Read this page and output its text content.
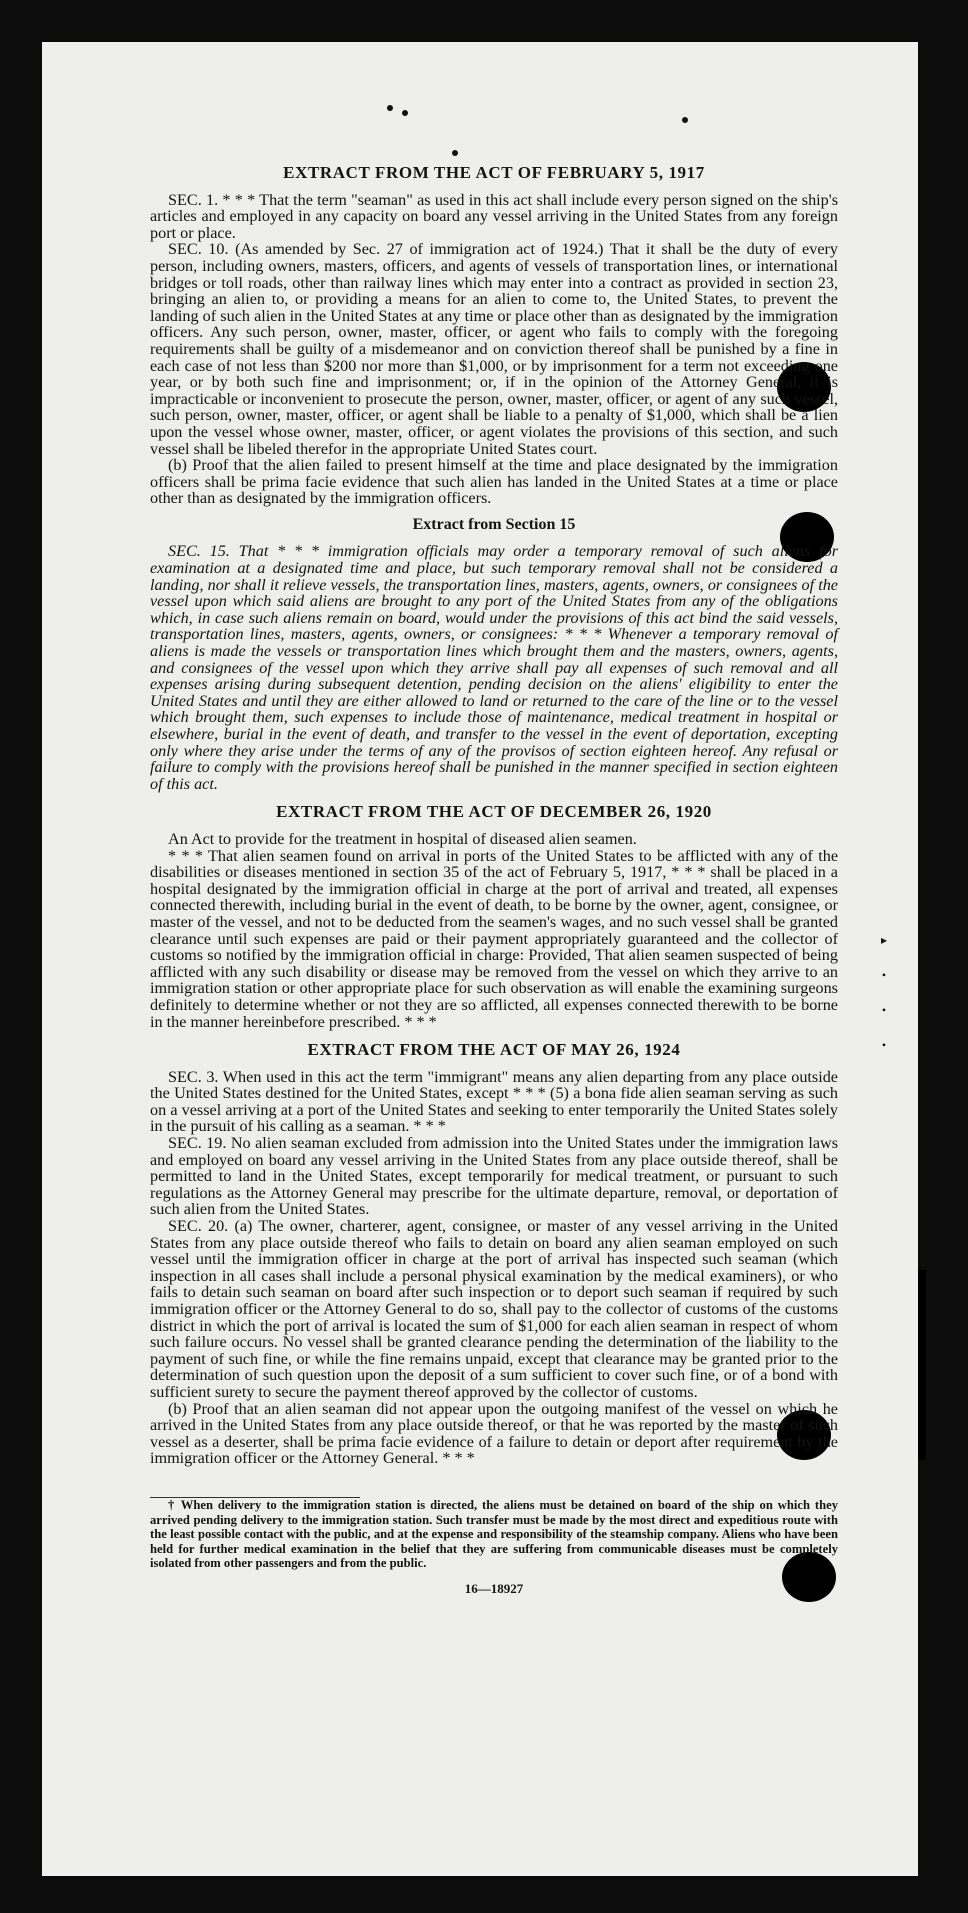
▸
•
•
•
EXTRACT FROM THE ACT OF FEBRUARY 5, 1917

SEC. 1. * * * That the term "seaman" as used in this act shall include every person signed on the ship's articles and employed in any capacity on board any vessel arriving in the United States from any foreign port or place.

SEC. 10. (As amended by Sec. 27 of immigration act of 1924.) That it shall be the duty of every person, including owners, masters, officers, and agents of vessels of transportation lines, or international bridges or toll roads, other than railway lines which may enter into a contract as provided in section 23, bringing an alien to, or providing a means for an alien to come to, the United States, to prevent the landing of such alien in the United States at any time or place other than as designated by the immigration officers. Any such person, owner, master, officer, or agent who fails to comply with the foregoing requirements shall be guilty of a misdemeanor and on conviction thereof shall be punished by a fine in each case of not less than $200 nor more than $1,000, or by imprisonment for a term not exceeding one year, or by both such fine and imprisonment; or, if in the opinion of the Attorney General, it is impracticable or inconvenient to prosecute the person, owner, master, officer, or agent of any such vessel, such person, owner, master, officer, or agent shall be liable to a penalty of $1,000, which shall be a lien upon the vessel whose owner, master, officer, or agent violates the provisions of this section, and such vessel shall be libeled therefor in the appropriate United States court.

(b) Proof that the alien failed to present himself at the time and place designated by the immigration officers shall be prima facie evidence that such alien has landed in the United States at a time or place other than as designated by the immigration officers.

Extract from Section 15

SEC. 15. That * * * immigration officials may order a temporary removal of such aliens for examination at a designated time and place, but such temporary removal shall not be considered a landing, nor shall it relieve vessels, the transportation lines, masters, agents, owners, or consignees of the vessel upon which said aliens are brought to any port of the United States from any of the obligations which, in case such aliens remain on board, would under the provisions of this act bind the said vessels, transportation lines, masters, agents, owners, or consignees: * * * Whenever a temporary removal of aliens is made the vessels or transportation lines which brought them and the masters, owners, agents, and consignees of the vessel upon which they arrive shall pay all expenses of such removal and all expenses arising during subsequent detention, pending decision on the aliens' eligibility to enter the United States and until they are either allowed to land or returned to the care of the line or to the vessel which brought them, such expenses to include those of maintenance, medical treatment in hospital or elsewhere, burial in the event of death, and transfer to the vessel in the event of deportation, excepting only where they arise under the terms of any of the provisos of section eighteen hereof. Any refusal or failure to comply with the provisions hereof shall be punished in the manner specified in section eighteen of this act.

EXTRACT FROM THE ACT OF DECEMBER 26, 1920

An Act to provide for the treatment in hospital of diseased alien seamen.

* * * That alien seamen found on arrival in ports of the United States to be afflicted with any of the disabilities or diseases mentioned in section 35 of the act of February 5, 1917, * * * shall be placed in a hospital designated by the immigration official in charge at the port of arrival and treated, all expenses connected therewith, including burial in the event of death, to be borne by the owner, agent, consignee, or master of the vessel, and not to be deducted from the seamen's wages, and no such vessel shall be granted clearance until such expenses are paid or their payment appropriately guaranteed and the collector of customs so notified by the immigration official in charge: Provided, That alien seamen suspected of being afflicted with any such disability or disease may be removed from the vessel on which they arrive to an immigration station or other appropriate place for such observation as will enable the examining surgeons definitely to determine whether or not they are so afflicted, all expenses connected therewith to be borne in the manner hereinbefore prescribed. * * *

EXTRACT FROM THE ACT OF MAY 26, 1924

SEC. 3. When used in this act the term "immigrant" means any alien departing from any place outside the United States destined for the United States, except * * * (5) a bona fide alien seaman serving as such on a vessel arriving at a port of the United States and seeking to enter temporarily the United States solely in the pursuit of his calling as a seaman. * * *

SEC. 19. No alien seaman excluded from admission into the United States under the immigration laws and employed on board any vessel arriving in the United States from any place outside thereof, shall be permitted to land in the United States, except temporarily for medical treatment, or pursuant to such regulations as the Attorney General may prescribe for the ultimate departure, removal, or deportation of such alien from the United States.

SEC. 20. (a) The owner, charterer, agent, consignee, or master of any vessel arriving in the United States from any place outside thereof who fails to detain on board any alien seaman employed on such vessel until the immigration officer in charge at the port of arrival has inspected such seaman (which inspection in all cases shall include a personal physical examination by the medical examiners), or who fails to detain such seaman on board after such inspection or to deport such seaman if required by such immigration officer or the Attorney General to do so, shall pay to the collector of customs of the customs district in which the port of arrival is located the sum of $1,000 for each alien seaman in respect of whom such failure occurs. No vessel shall be granted clearance pending the determination of the liability to the payment of such fine, or while the fine remains unpaid, except that clearance may be granted prior to the determination of such question upon the deposit of a sum sufficient to cover such fine, or of a bond with sufficient surety to secure the payment thereof approved by the collector of customs.

(b) Proof that an alien seaman did not appear upon the outgoing manifest of the vessel on which he arrived in the United States from any place outside thereof, or that he was reported by the master of such vessel as a deserter, shall be prima facie evidence of a failure to detain or deport after requirement by the immigration officer or the Attorney General. * * *

† When delivery to the immigration station is directed, the aliens must be detained on board of the ship on which they arrived pending delivery to the immigration station. Such transfer must be made by the most direct and expeditious route with the least possible contact with the public, and at the expense and responsibility of the steamship company. Aliens who have been held for further medical examination in the belief that they are suffering from communicable diseases must be completely isolated from other passengers and from the public.

16—18927
